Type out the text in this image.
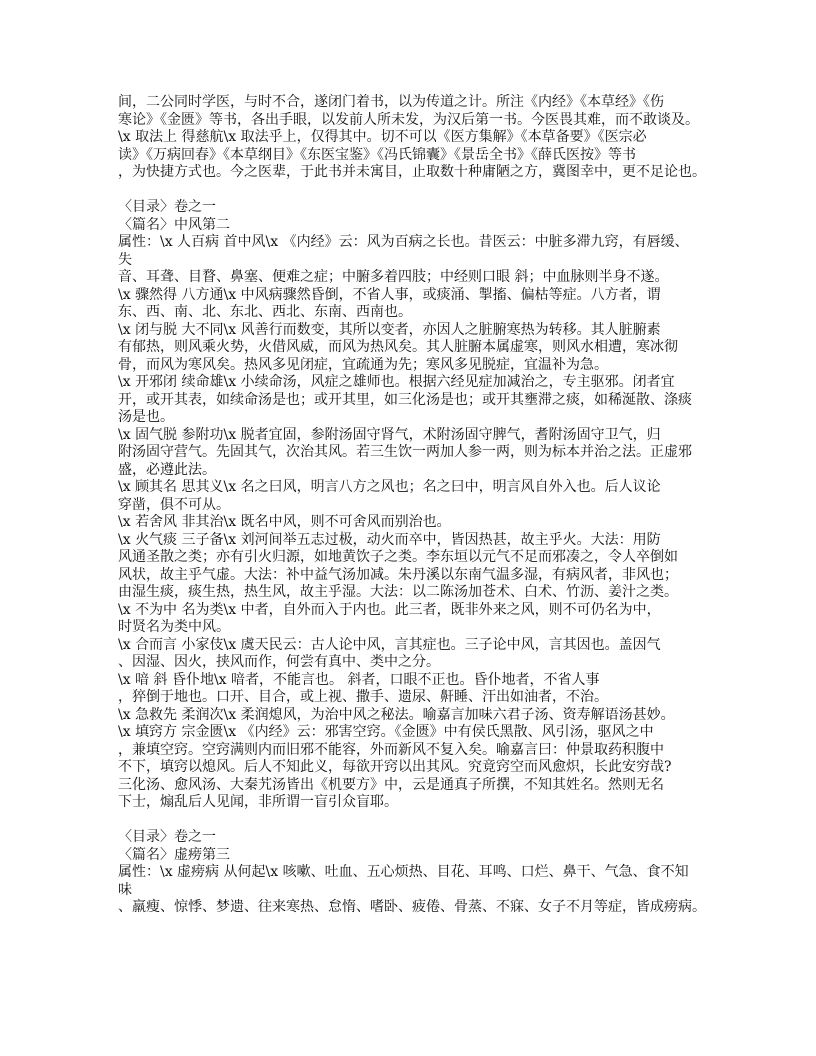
间，二公同时学医，与时不合，遂闭门着书，以为传道之计。所注《内经》《本草经》《伤
寒论》《金匮》等书，各出手眼，以发前人所未发，为汉后第一书。今医畏其难，而不敢谈及。
\x 取法上 得慈航\x 取法乎上，仅得其中。切不可以《医方集解》《本草备要》《医宗必
读》《万病回春》《本草纲目》《东医宝鉴》《冯氏锦囊》《景岳全书》《薛氏医按》等书
，为快捷方式也。今之医辈，于此书并未寓目，止取数十种庸陋之方，冀图幸中，更不足论也。
〈目录〉卷之一
〈篇名〉中风第二
属性：\x 人百病 首中风\x 《内经》云：风为百病之长也。昔医云：中脏多滞九窍，有唇缓、
失
音、耳聋、目瞀、鼻塞、便难之症；中腑多着四肢；中经则口眼 斜；中血脉则半身不遂。
\x 骤然得 八方通\x 中风病骤然昏倒，不省人事，或痰涌、掣搐、偏枯等症。八方者，谓
东、西、南、北、东北、西北、东南、西南也。
\x 闭与脱 大不同\x 风善行而数变，其所以变者，亦因人之脏腑寒热为转移。其人脏腑素
有郁热，则风乘火势，火借风威，而风为热风矣。其人脏腑本属虚寒，则风水相遭，寒冰彻
骨，而风为寒风矣。热风多见闭症，宜疏通为先；寒风多见脱症，宜温补为急。
\x 开邪闭 续命雄\x 小续命汤，风症之雄师也。根据六经见症加减治之，专主驱邪。闭者宜
开，或开其表，如续命汤是也；或开其里，如三化汤是也；或开其壅滞之痰，如稀涎散、涤痰
汤是也。
\x 固气脱 参附功\x 脱者宜固，参附汤固守肾气，术附汤固守脾气，耆附汤固守卫气，归
附汤固守营气。先固其气，次治其风。若三生饮一两加人参一两，则为标本并治之法。正虚邪
盛，必遵此法。
\x 顾其名 思其义\x 名之曰风，明言八方之风也；名之曰中，明言风自外入也。后人议论
穿凿，俱不可从。
\x 若舍风 非其治\x 既名中风，则不可舍风而别治也。
\x 火气痰 三子备\x 刘河间举五志过极，动火而卒中，皆因热甚，故主乎火。大法：用防
风通圣散之类；亦有引火归源，如地黄饮子之类。李东垣以元气不足而邪凑之，令人卒倒如
风状，故主乎气虚。大法：补中益气汤加减。朱丹溪以东南气温多湿，有病风者，非风也；
由湿生痰，痰生热，热生风，故主乎湿。大法：以二陈汤加苍术、白术、竹沥、姜汁之类。
\x 不为中 名为类\x 中者，自外而入于内也。此三者，既非外来之风，则不可仍名为中，
时贤名为类中风。
\x 合而言 小家伎\x 虞天民云：古人论中风，言其症也。三子论中风，言其因也。盖因气
、因湿、因火，挟风而作，何尝有真中、类中之分。
\x 喑 斜 昏仆地\x 喑者，不能言也。 斜者，口眼不正也。昏仆地者，不省人事
，猝倒于地也。口开、目合，或上视、撒手、遗尿、鼾睡、汗出如油者，不治。
\x 急救先 柔润次\x 柔润熄风，为治中风之秘法。喻嘉言加味六君子汤、资寿解语汤甚妙。
\x 填窍方 宗金匮\x 《内经》云：邪害空窍。《金匮》中有侯氏黑散、风引汤，驱风之中
，兼填空窍。空窍满则内而旧邪不能容，外而新风不复入矣。喻嘉言曰：仲景取药积腹中
不下，填窍以熄风。后人不知此义，每欲开窍以出其风。究竟窍空而风愈炽，长此安穷哉?
三化汤、愈风汤、大秦艽汤皆出《机要方》中，云是通真子所撰，不知其姓名。然则无名
下士，煽乱后人见闻，非所谓一盲引众盲耶。
〈目录〉卷之一
〈篇名〉虚痨第三
属性：\x 虚痨病 从何起\x 咳嗽、吐血、五心烦热、目花、耳鸣、口烂、鼻干、气急、食不知
味
、羸瘦、惊悸、梦遗、往来寒热、怠惰、嗜卧、疲倦、骨蒸、不寐、女子不月等症，皆成痨病。
